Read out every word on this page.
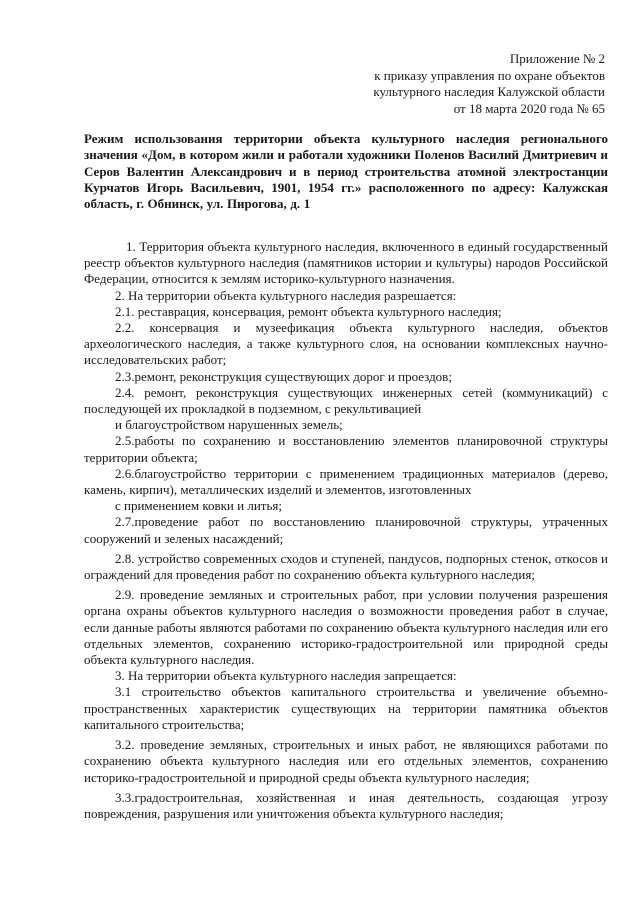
Приложение № 2
к приказу управления по охране объектов
культурного наследия Калужской области
от 18 марта 2020 года № 65
Режим использования территории объекта культурного наследия регионального значения «Дом, в котором жили и работали художники Поленов Василий Дмитриевич и Серов Валентин Александрович и в период строительства атомной электростанции Курчатов Игорь Васильевич, 1901, 1954 гг.» расположенного по адресу: Калужская область, г. Обнинск, ул. Пирогова, д. 1

1. Территория объекта культурного наследия, включенного в единый государственный реестр объектов культурного наследия (памятников истории и культуры) народов Российской Федерации, относится к землям историко-культурного назначения.

2. На территории объекта культурного наследия разрешается:

2.1. реставрация, консервация, ремонт объекта культурного наследия;

2.2. консервация и музеефикация объекта культурного наследия, объектов археологического наследия, а также культурного слоя, на основании комплексных научно-исследовательских работ;

2.3.ремонт, реконструкция существующих дорог и проездов;

2.4. ремонт, реконструкция существующих инженерных сетей (коммуникаций) с последующей их прокладкой в подземном, с рекультивацией

и благоустройством нарушенных земель;

2.5.работы по сохранению и восстановлению элементов планировочной структуры территории объекта;

2.6.благоустройство территории с применением традиционных материалов (дерево, камень, кирпич), металлических изделий и элементов, изготовленных

с применением ковки и литья;

2.7.проведение работ по восстановлению планировочной структуры, утраченных сооружений и зеленых насаждений;

2.8. устройство современных сходов и ступеней, пандусов, подпорных стенок, откосов и ограждений для проведения работ по сохранению объекта культурного наследия;

2.9. проведение земляных и строительных работ, при условии получения разрешения органа охраны объектов культурного наследия о возможности проведения работ в случае, если данные работы являются работами по сохранению объекта культурного наследия или его отдельных элементов, сохранению историко-градостроительной или природной среды объекта культурного наследия.

3. На территории объекта культурного наследия запрещается:

3.1 строительство объектов капитального строительства и увеличение объемно-пространственных характеристик существующих на территории памятника объектов капитального строительства;

3.2. проведение земляных, строительных и иных работ, не являющихся работами по сохранению объекта культурного наследия или его отдельных элементов, сохранению историко-градостроительной и природной среды объекта культурного наследия;

3.3.градостроительная, хозяйственная и иная деятельность, создающая угрозу повреждения, разрушения или уничтожения объекта культурного наследия;
